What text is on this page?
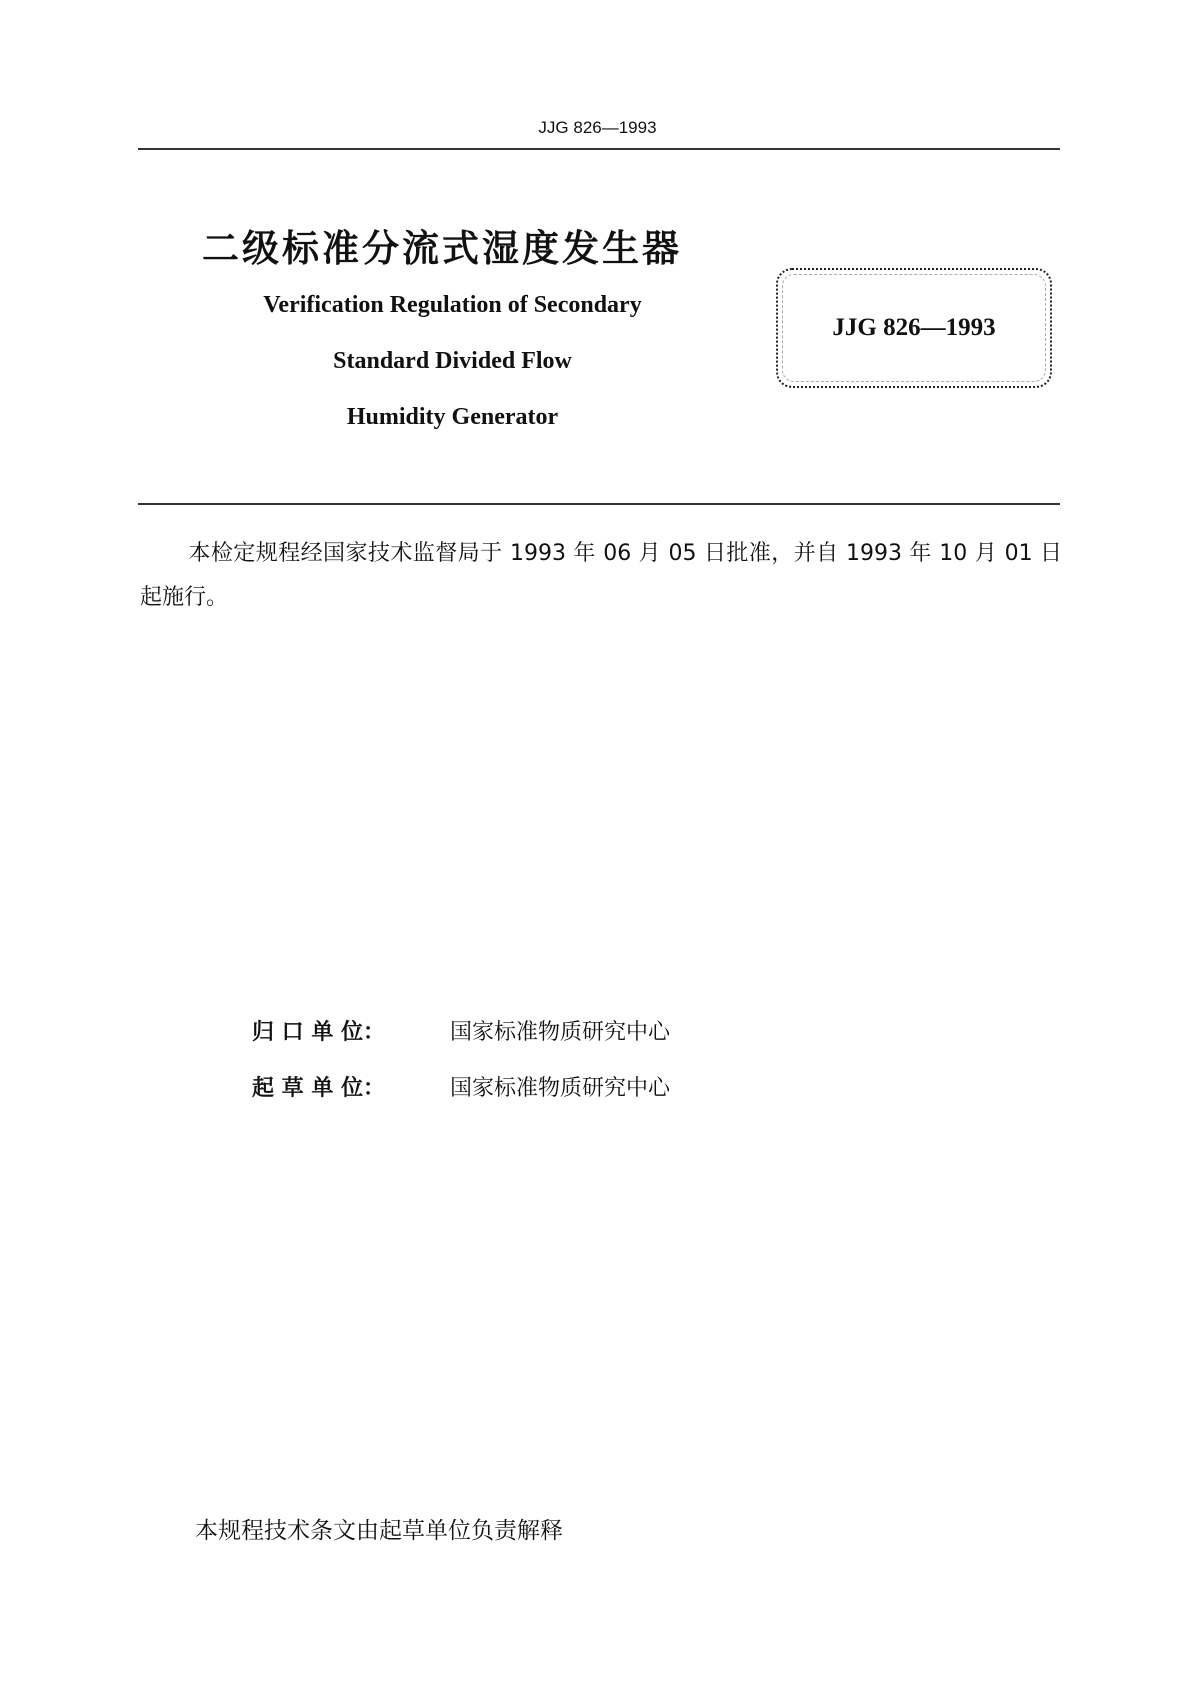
JJG 826—1993
二级标准分流式湿度发生器
Verification Regulation of Secondary
Standard Divided Flow
Humidity Generator
JJG 826—1993
本检定规程经国家技术监督局于 1993 年 06 月 05 日批准，并自 1993 年 10 月 01 日起施行。
归 口 单 位：	国家标准物质研究中心
起 草 单 位：	国家标准物质研究中心
本规程技术条文由起草单位负责解释
